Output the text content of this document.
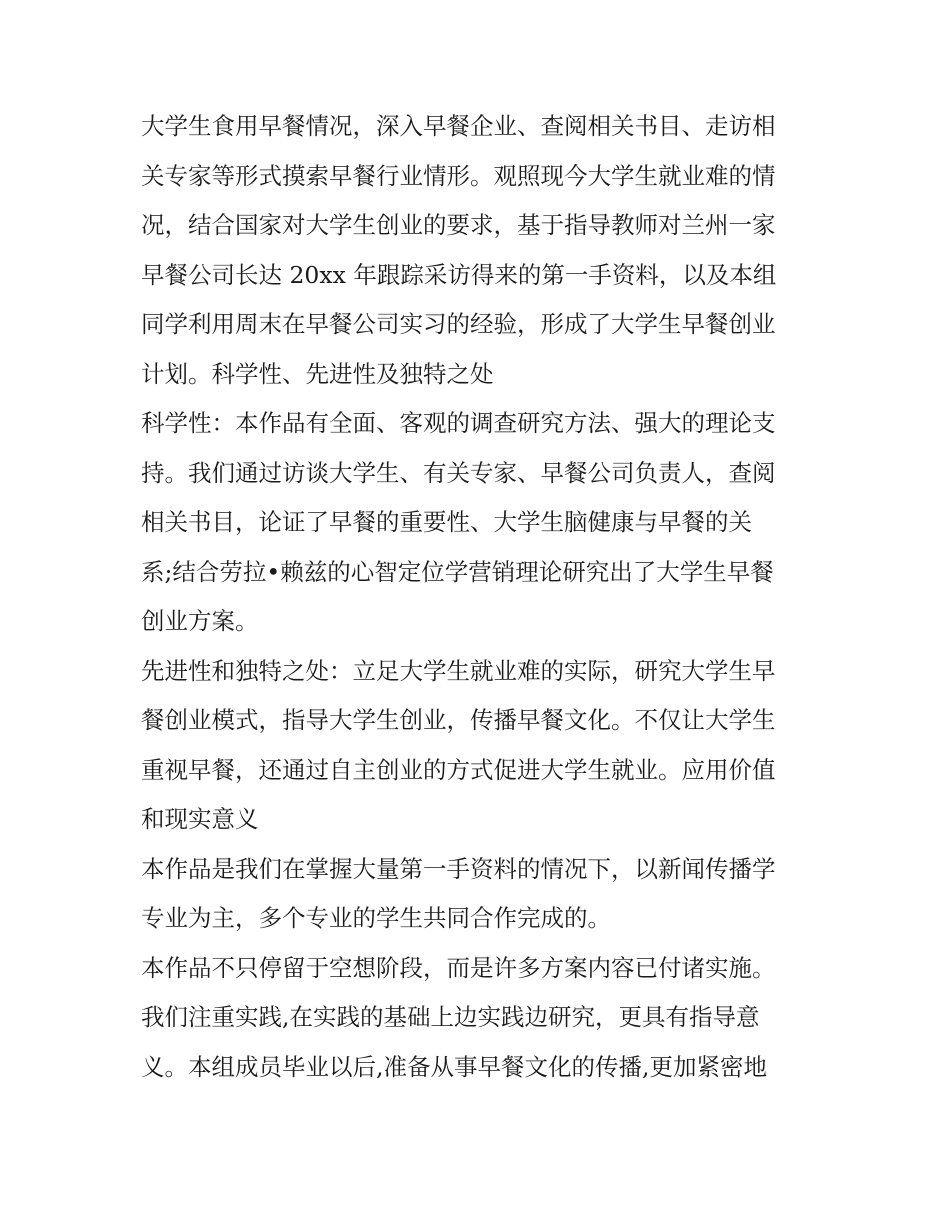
大学生食用早餐情况，深入早餐企业、查阅相关书目、走访相
关专家等形式摸索早餐行业情形。观照现今大学生就业难的情
况，结合国家对大学生创业的要求，基于指导教师对兰州一家
早餐公司长达 20xx 年跟踪采访得来的第一手资料，以及本组
同学利用周末在早餐公司实习的经验，形成了大学生早餐创业
计划。科学性、先进性及独特之处
科学性：本作品有全面、客观的调查研究方法、强大的理论支
持。我们通过访谈大学生、有关专家、早餐公司负责人，查阅
相关书目，论证了早餐的重要性、大学生脑健康与早餐的关
系;结合劳拉•赖兹的心智定位学营销理论研究出了大学生早餐
创业方案。
先进性和独特之处：立足大学生就业难的实际，研究大学生早
餐创业模式，指导大学生创业，传播早餐文化。不仅让大学生
重视早餐，还通过自主创业的方式促进大学生就业。应用价值
和现实意义
本作品是我们在掌握大量第一手资料的情况下，以新闻传播学
专业为主，多个专业的学生共同合作完成的。
本作品不只停留于空想阶段，而是许多方案内容已付诸实施。
我们注重实践,在实践的基础上边实践边研究，更具有指导意
义。本组成员毕业以后,准备从事早餐文化的传播,更加紧密地
